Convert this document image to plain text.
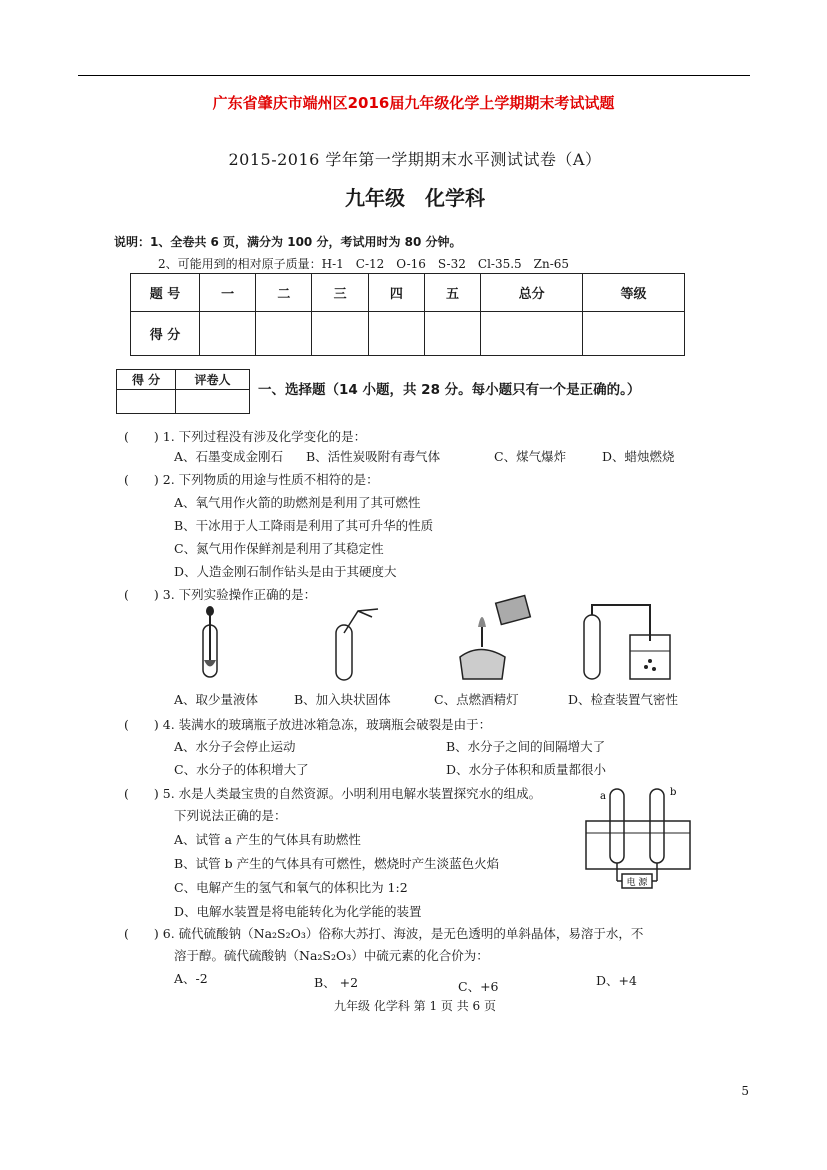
广东省肇庆市端州区2016届九年级化学上学期期末考试试题
2015-2016 学年第一学期期末水平测试试卷（A）
九年级　化学科
说明：1、全卷共 6 页，满分为 100 分，考试用时为 80 分钟。
2、可能用到的相对原子质量：H-1　C-12　O-16　S-32　Cl-35.5　Zn-65
题 号	一	二	三	四	五	总分	等级
得 分							
得 分	评卷人

一、选择题（14 小题，共 28 分。每小题只有一个是正确的。）
(　　) 1. 下列过程没有涉及化学变化的是：
A、石墨变成金刚石 B、活性炭吸附有毒气体	C、煤气爆炸	D、蜡烛燃烧
(　　) 2. 下列物质的用途与性质不相符的是：
A、氧气用作火箭的助燃剂是利用了其可燃性
B、干冰用于人工降雨是利用了其可升华的性质
C、氮气用作保鲜剂是利用了其稳定性
D、人造金刚石制作钻头是由于其硬度大
(　　) 3. 下列实验操作正确的是：
A、取少量液体	B、加入块状固体	C、点燃酒精灯	D、检查装置气密性
(　　) 4. 装满水的玻璃瓶子放进冰箱急冻，玻璃瓶会破裂是由于：
A、水分子会停止运动	B、水分子之间的间隔增大了
C、水分子的体积增大了	D、水分子体积和质量都很小
(　　) 5. 水是人类最宝贵的自然资源。小明利用电解水装置探究水的组成。
下列说法正确的是：
A、试管 a 产生的气体具有助燃性
B、试管 b 产生的气体具有可燃性，燃烧时产生淡蓝色火焰
C、电解产生的氢气和氧气的体积比为 1:2
D、电解水装置是将电能转化为化学能的装置
电 源
a	b
(　　) 6. 硫代硫酸钠（Na₂S₂O₃）俗称大苏打、海波，是无色透明的单斜晶体，易溶于水，不
溶于醇。硫代硫酸钠（Na₂S₂O₃）中硫元素的化合价为：
A、-2	B、 +2	C、+6	D、+4
九年级 化学科 第 1 页 共 6 页
5
